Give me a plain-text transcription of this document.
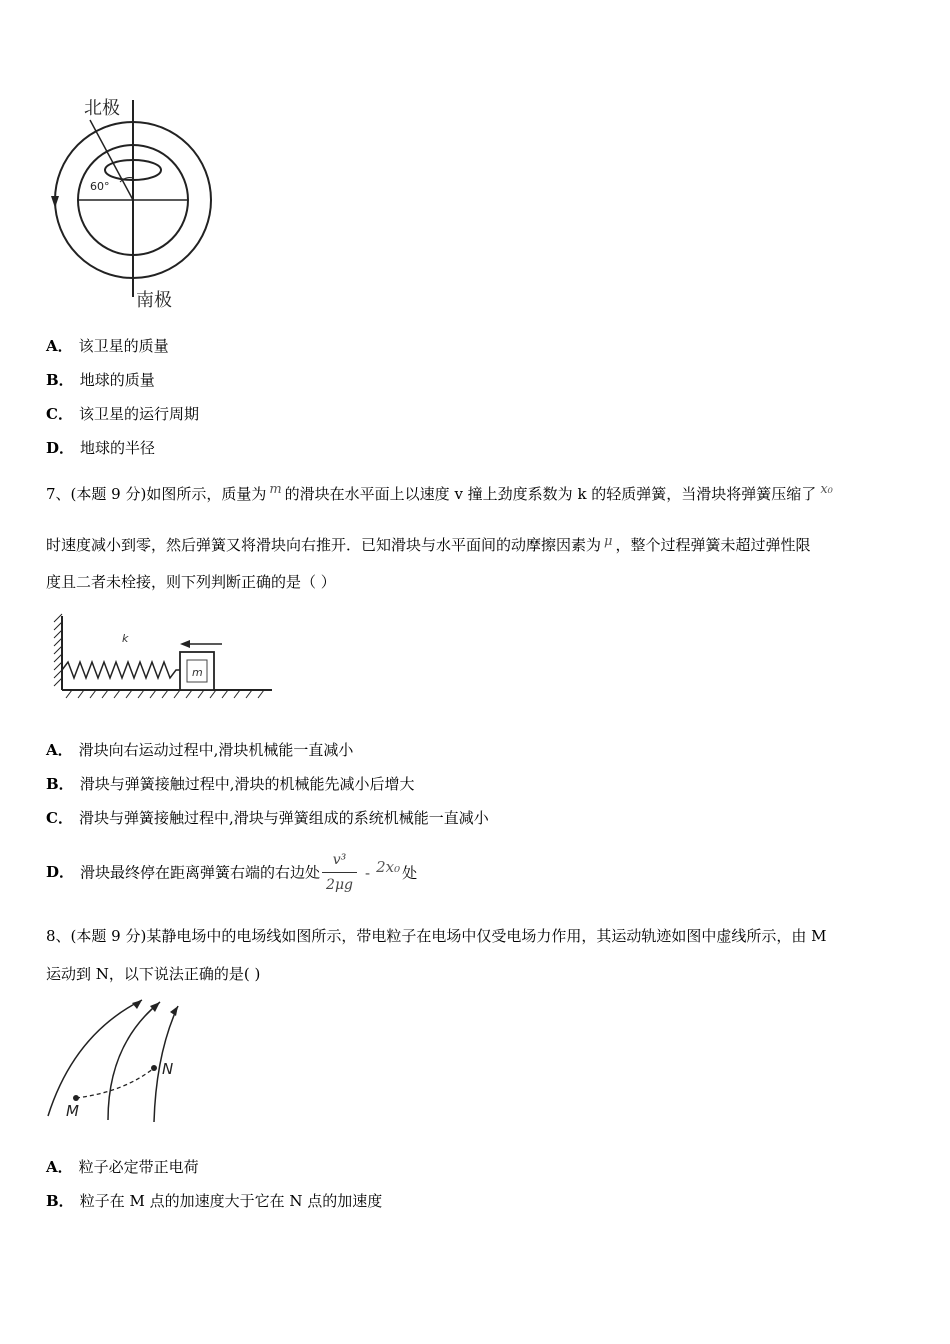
北极
南极
60°
A． 该卫星的质量
B． 地球的质量
C． 该卫星的运行周期
D． 地球的半径
7、(本题 9 分)如图所示，质量为 m 的滑块在水平面上以速度 v 撞上劲度系数为 k 的轻质弹簧，当滑块将弹簧压缩了 x₀
时速度减小到零，然后弹簧又将滑块向右推开．已知滑块与水平面间的动摩擦因素为 μ ，整个过程弹簧未超过弹性限
度且二者未栓接，则下列判断正确的是（ ）
k
m
A． 滑块向右运动过程中,滑块机械能一直减小
B． 滑块与弹簧接触过程中,滑块的机械能先减小后增大
C． 滑块与弹簧接触过程中,滑块与弹簧组成的系统机械能一直减小
D． 滑块最终停在距离弹簧右端的右边处 $\frac{\text{v³}}{2\mu g} - 2x_0$ 处
8、(本题 9 分)某静电场中的电场线如图所示，带电粒子在电场中仅受电场力作用，其运动轨迹如图中虚线所示，由 M
运动到 N，以下说法正确的是( )
M
N
A． 粒子必定带正电荷
B． 粒子在 M 点的加速度大于它在 N 点的加速度
